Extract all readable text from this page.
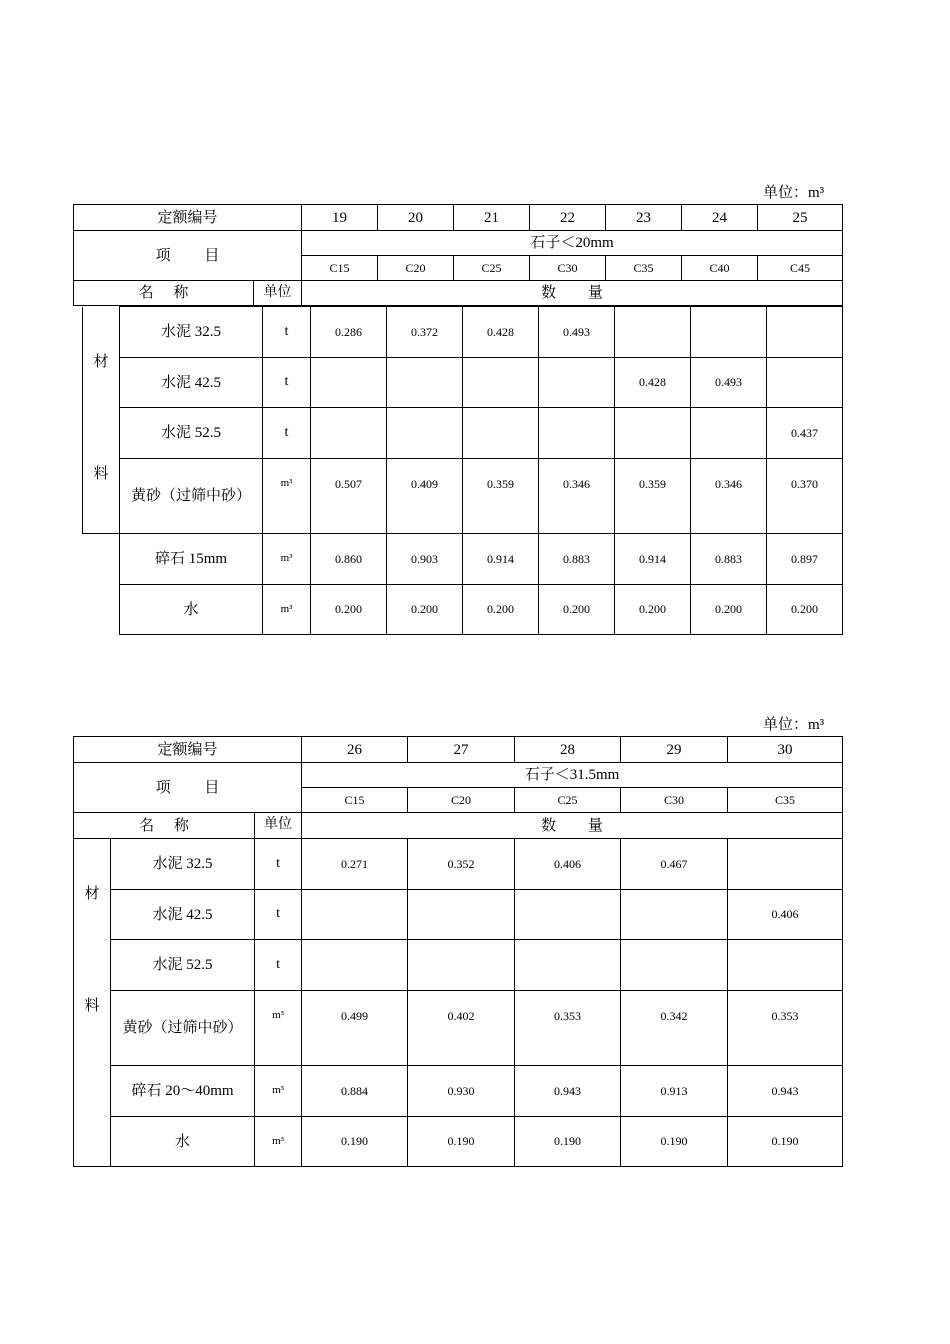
单位：m³
定额编号		19	20	21	22	23	24	25
项 目		石子＜20mm						
		C15	C20	C25	C30	C35	C40	C45
名 称	单位	数 量						
材
料	水泥 32.5	t	0.286	0.372	0.428	0.493			
	水泥 42.5	t					0.428	0.493	
	水泥 52.5	t							0.437
	黄砂（过筛中砂）	m³	0.507	0.409	0.359	0.346	0.359	0.346	0.370
	碎石 15mm	m³	0.860	0.903	0.914	0.883	0.914	0.883	0.897
	水	m³	0.200	0.200	0.200	0.200	0.200	0.200	0.200
单位：m³
定额编号			26	27	28	29	30
项 目			石子＜31.5mm				
			C15	C20	C25	C30	C35
名 称		单位	数 量				

材
料	水泥 32.5	t	0.271	0.352	0.406	0.467	
	水泥 42.5	t					0.406
	水泥 52.5	t					
	黄砂（过筛中砂）	m³	0.499	0.402	0.353	0.342	0.353
	碎石 20～40mm	m³	0.884	0.930	0.943	0.913	0.943
	水	m³	0.190	0.190	0.190	0.190	0.190
